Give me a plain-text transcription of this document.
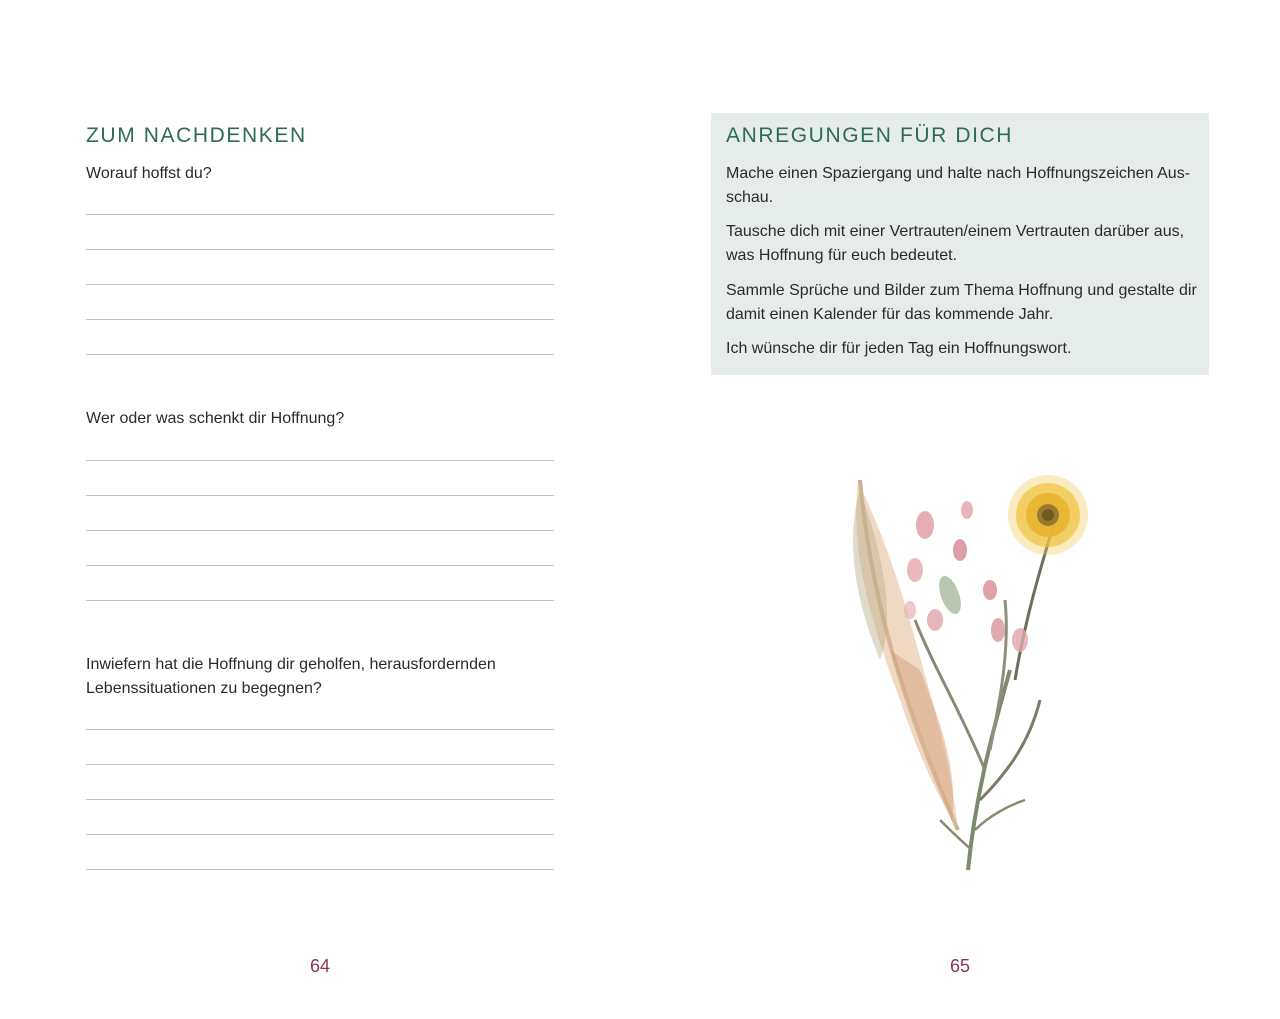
ZUM NACHDENKEN

Worauf hoffst du?

Wer oder was schenkt dir Hoffnung?

Inwiefern hat die Hoffnung dir geholfen, herausfordernden Lebenssituationen zu begegnen?

64
ANREGUNGEN FÜR DICH

Mache einen Spaziergang und halte nach Hoffnungszeichen Aus-schau.

Tausche dich mit einer Vertrauten/einem Vertrauten darüber aus, was Hoffnung für euch bedeutet.

Sammle Sprüche und Bilder zum Thema Hoffnung und gestalte dir damit einen Kalender für das kommende Jahr.

Ich wünsche dir für jeden Tag ein Hoffnungswort.

65
